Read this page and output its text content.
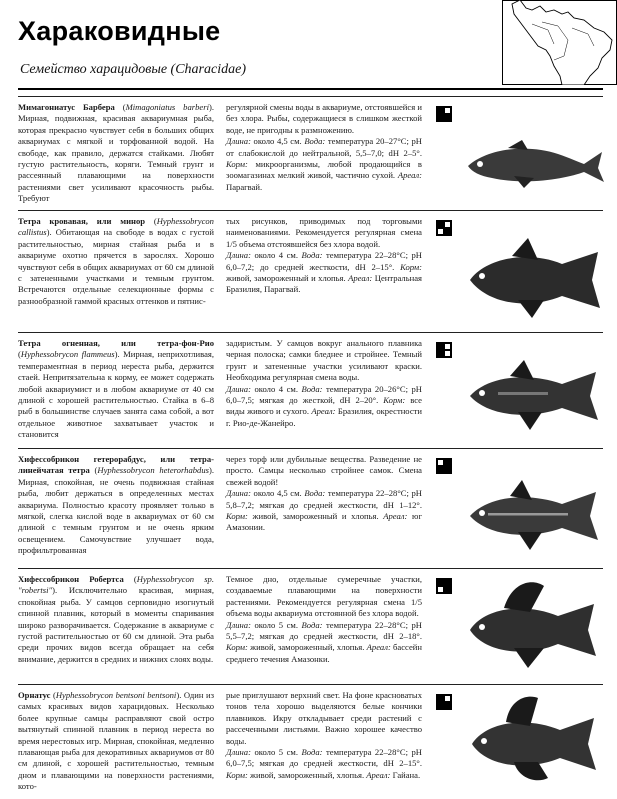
Хараковидные
Семейство харацидовые (Characidae)
Мимагониатус Барбера (Mimagoniatus barberi). Мирная, подвижная, красивая аквариумная рыба, которая прекрасно чувствует себя в больших общих аквариумах с мягкой и торфованной водой. На свободе, как правило, держатся стайками. Любят густую растительность, коряги. Темный грунт и рассеянный плавающими на поверхности растениями свет усиливают красочность рыбы. Требуют
регулярной смены воды в аквариуме, отстоявшейся и без хлора. Рыбы, содержащиеся в слишком жесткой воде, не пригодны к размножению.
Длина: около 4,5 см. Вода: температура 20–27°С; pH от слабокислой до нейтральной, 5,5–7,0; dH 2–5°. Корм: микроорганизмы, любой продающийся в зоомагазинах мелкий живой, частично сухой. Ареал: Парагвай.
Тетра кровавая, или минор (Hyphessobrycon callistus). Обитающая на свободе в водах с густой растительностью, мирная стайная рыба и в аквариуме охотно прячется в зарослях. Хорошо чувствуют себя в общих аквариумах от 60 см длиной с затененными участками и темным грунтом. Встречаются отдельные селекционные формы с разнообразной гаммой красных оттенков и пятнис-
тых рисунков, приводимых под торговыми наименованиями. Рекомендуется регулярная смена 1/5 объема отстоявшейся без хлора водой.
Длина: около 4 см. Вода: температура 22–28°С; pH 6,0–7,2; до средней жесткости, dH 2–15°. Корм: живой, замороженный и хлопья. Ареал: Центральная Бразилия, Парагвай.
Тетра огненная, или тетра-фон-Рио (Hyphessobrycon flammeus). Мирная, неприхотливая, темпераментная в период нереста рыба, держится стаей. Непритязательна к корму, ее может содержать любой аквариумист и в любом аквариуме от 40 см длиной с хорошей растительностью. Стайка в 6–8 рыб в большинстве случаев занята сама собой, а вот отдельное животное захватывает участок и становится
задиристым. У самцов вокруг анального плавника черная полоска; самки бледнее и стройнее. Темный грунт и затененные участки усиливают краски. Необходима регулярная смена воды.
Длина: около 4 см. Вода: температура 20–26°С; pH 6,0–7,5; мягкая до жесткой, dH 2–20°. Корм: все виды живого и сухого. Ареал: Бразилия, окрестности г. Рио-де-Жанейро.
Хифессобрикон гетерорабдус, или тетра-линейчатая тетра (Hyphessobrycon heterorhabdus). Мирная, спокойная, не очень подвижная стайная рыба, любит держаться в определенных местах аквариума. Полностью красоту проявляет только в мягкой, слегка кислой воде в аквариумах от 60 см длиной с темным грунтом и не очень ярким освещением. Самочувствие улучшает вода, профильтрованная
через торф или дубильные вещества. Разведение не просто. Самцы несколько стройнее самок. Смена свежей водой!
Длина: около 4,5 см. Вода: температура 22–28°С; pH 5,8–7,2; мягкая до средней жесткости, dH 1–12°. Корм: живой, замороженный и хлопья. Ареал: юг Амазонии.
Хифессобрикон Робертса (Hyphessobrycon sp. "robertsi"). Исключительно красивая, мирная, спокойная рыба. У самцов серповидно изогнутый спинной плавник, который в моменты спаривания широко разворачивается. Содержание в аквариуме с густой растительностью от 60 см длиной. Эта рыба среди прочих видов всегда обращает на себя внимание, держится в средних и нижних слоях воды.
Темное дно, отдельные сумеречные участки, создаваемые плавающими на поверхности растениями. Рекомендуется регулярная смена 1/5 объема воды аквариума отстоянной без хлора водой.
Длина: около 5 см. Вода: температура 22–28°С; pH 5,5–7,2; мягкая до средней жесткости, dH 2–18°. Корм: живой, замороженный, хлопья. Ареал: бассейн среднего течения Амазонки.
Орнатус (Hyphessobrycon bentsoni bentsoni). Один из самых красивых видов харацидовых. Несколько более крупные самцы расправляют свой остро вытянутый спинной плавник в период нереста во время нерестовых игр. Мирная, спокойная, медленно плавающая рыба для декоративных аквариумов от 80 см длиной, с хорошей растительностью, темным дном и плавающими на поверхности растениями, кото-
рые приглушают верхний свет. На фоне красноватых тонов тела хорошо выделяются белые кончики плавников. Икру откладывает среди растений с рассеченными листьями. Важно хорошее качество воды.
Длина: около 5 см. Вода: температура 22–28°С; pH 6,0–7,5; мягкая до средней жесткости, dH 2–15°. Корм: живой, замороженный, хлопья. Ареал: Гайана.
